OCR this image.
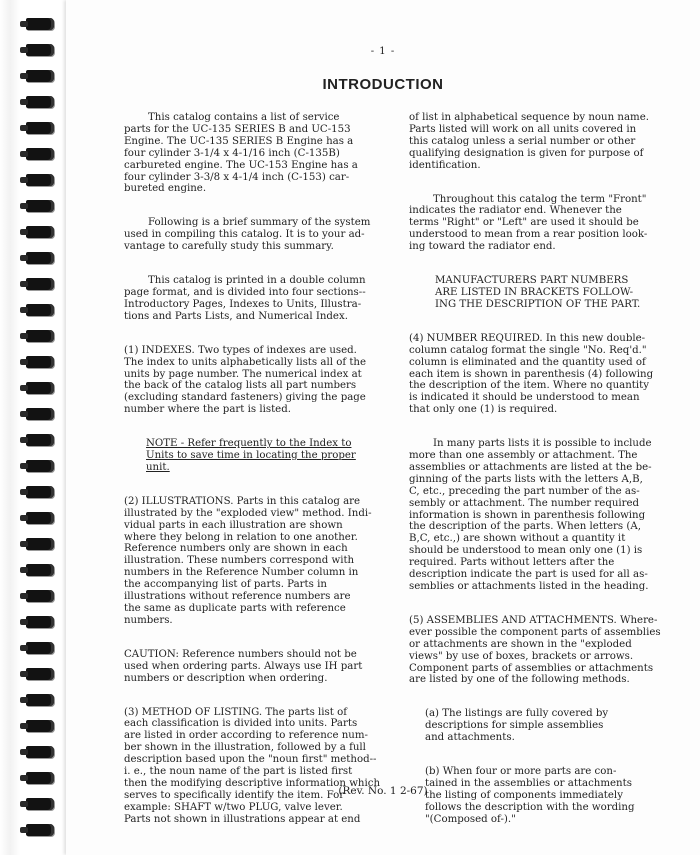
- 1 -
INTRODUCTION

This catalog contains a list of service
parts for the UC-135 SERIES B and UC-153
Engine. The UC-135 SERIES B Engine has a
four cylinder 3-1/4 x 4-1/16 inch (C-135B)
carbureted engine. The UC-153 Engine has a
four cylinder 3-3/8 x 4-1/4 inch (C-153) car-
bureted engine.

Following is a brief summary of the system
used in compiling this catalog. It is to your ad-
vantage to carefully study this summary.

This catalog is printed in a double column
page format, and is divided into four sections--
Introductory Pages, Indexes to Units, Illustra-
tions and Parts Lists, and Numerical Index.

(1) INDEXES. Two types of indexes are used.
The index to units alphabetically lists all of the
units by page number. The numerical index at
the back of the catalog lists all part numbers
(excluding standard fasteners) giving the page
number where the part is listed.

NOTE - Refer frequently to the Index to
Units to save time in locating the proper
unit.

(2) ILLUSTRATIONS. Parts in this catalog are
illustrated by the "exploded view" method. Indi-
vidual parts in each illustration are shown
where they belong in relation to one another.
Reference numbers only are shown in each
illustration. These numbers correspond with
numbers in the Reference Number column in
the accompanying list of parts. Parts in
illustrations without reference numbers are
the same as duplicate parts with reference
numbers.

CAUTION: Reference numbers should not be
used when ordering parts. Always use IH part
numbers or description when ordering.

(3) METHOD OF LISTING. The parts list of
each classification is divided into units. Parts
are listed in order according to reference num-
ber shown in the illustration, followed by a full
description based upon the "noun first" method--
i. e., the noun name of the part is listed first
then the modifying descriptive information which
serves to specifically identify the item. For
example: SHAFT w/two PLUG, valve lever.
Parts not shown in illustrations appear at end

of list in alphabetical sequence by noun name.
Parts listed will work on all units covered in
this catalog unless a serial number or other
qualifying designation is given for purpose of
identification.

Throughout this catalog the term "Front"
indicates the radiator end. Whenever the
terms "Right" or "Left" are used it should be
understood to mean from a rear position look-
ing toward the radiator end.

MANUFACTURERS PART NUMBERS
ARE LISTED IN BRACKETS FOLLOW-
ING THE DESCRIPTION OF THE PART.

(4) NUMBER REQUIRED. In this new double-
column catalog format the single "No. Req'd."
column is eliminated and the quantity used of
each item is shown in parenthesis (4) following
the description of the item. Where no quantity
is indicated it should be understood to mean
that only one (1) is required.

In many parts lists it is possible to include
more than one assembly or attachment. The
assemblies or attachments are listed at the be-
ginning of the parts lists with the letters A,B,
C, etc., preceding the part number of the as-
sembly or attachment. The number required
information is shown in parenthesis following
the description of the parts. When letters (A,
B,C, etc.,) are shown without a quantity it
should be understood to mean only one (1) is
required. Parts without letters after the
description indicate the part is used for all as-
semblies or attachments listed in the heading.

(5) ASSEMBLIES AND ATTACHMENTS. Where-
ever possible the component parts of assemblies
or attachments are shown in the "exploded
views" by use of boxes, brackets or arrows.
Component parts of assemblies or attachments
are listed by one of the following methods.

(a) The listings are fully covered by
descriptions for simple assemblies
and attachments.

(b) When four or more parts are con-
tained in the assemblies or attachments
the listing of components immediately
follows the description with the wording
"(Composed of-)."

(Rev. No. 1 2-67)
